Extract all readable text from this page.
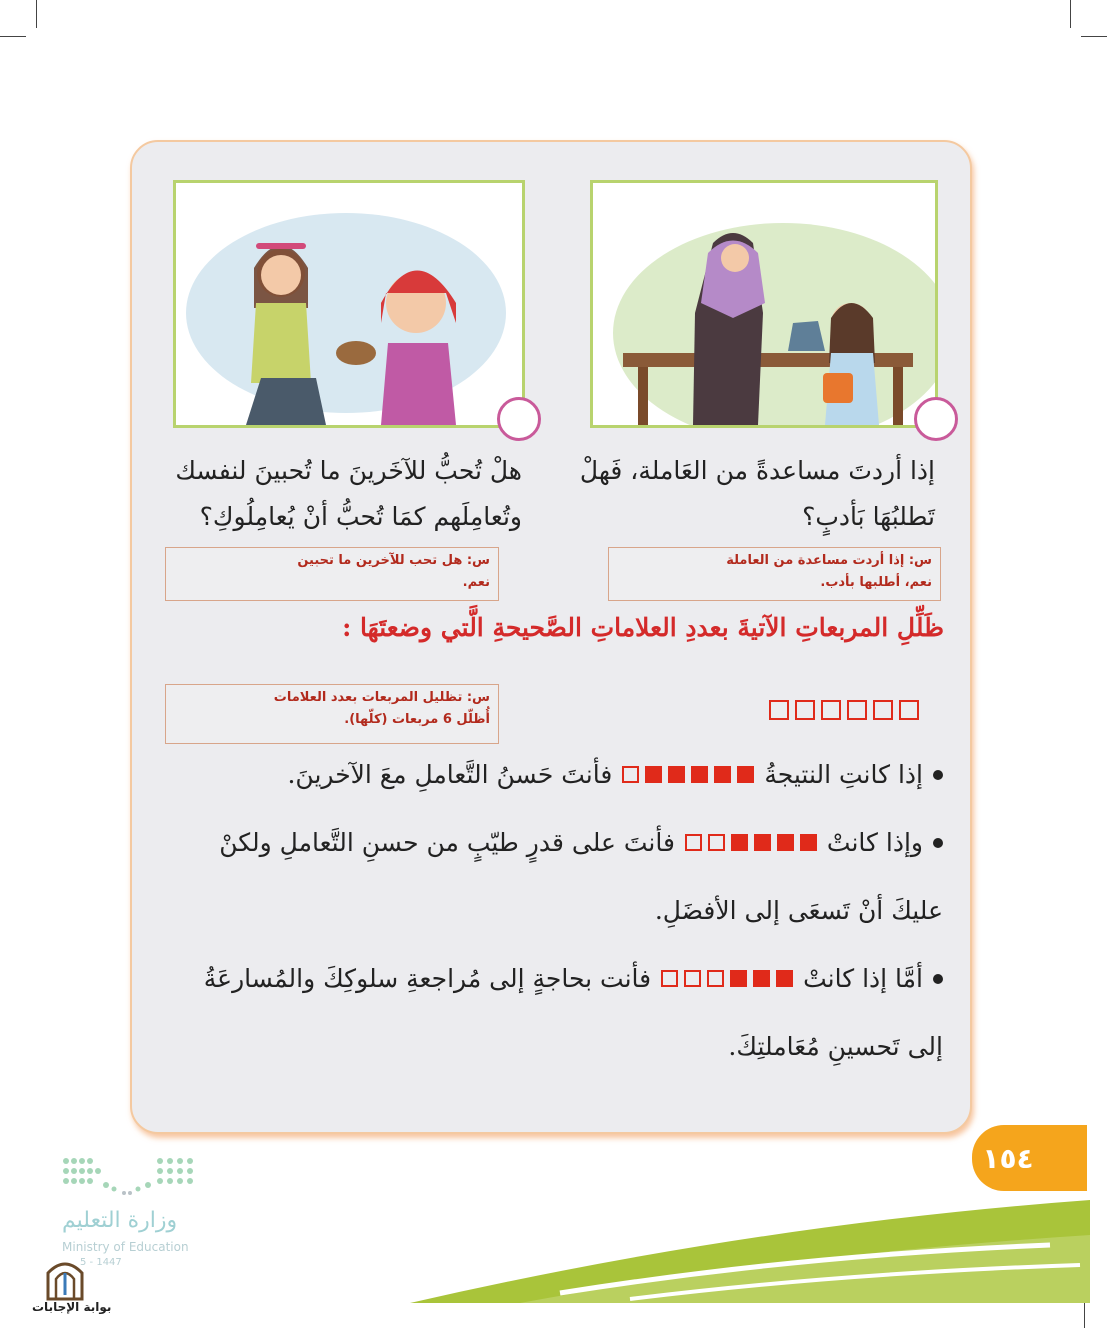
إذا أردتَ مساعدةً من العَاملة، فَهلْ
تَطلبُهَا بَأدبٍ؟
هلْ تُحبُّ للآخَرينَ ما تُحبينَ لنفسك
وتُعامِلَهم كمَا تُحبُّ أنْ يُعامِلُوكِ؟
س: إذا أردت مساعدة من العاملة
نعم، أطلبها بأدب.
س: هل تحب للآخرين ما تحبين
نعم.
ظَلِّلِ المربعاتِ الآتيةَ بعددِ العلاماتِ الصَّحيحةِ الَّتي وضعتَهَا :
س: تظليل المربعات بعدد العلامات
أُظلّل 6 مربعات (كلّها).
إذا كانتِ النتيجةُ
فأنتَ حَسنُ التَّعاملِ معَ الآخرينَ.
وإذا كانتْ
فأنتَ على قدرٍ طيّبٍ من حسنِ التَّعاملِ ولكنْ
عليكَ أنْ تَسعَى إلى الأفضَلِ.
أمَّا إذا كانتْ
فأنت بحاجةٍ إلى مُراجعةِ سلوكِكَ والمُسارعَةُ
إلى تَحسينِ مُعَاملتِكَ.
١٥٤
وزارة التعليم
Ministry of Education
5 - 1447
بوابة الإجابات
